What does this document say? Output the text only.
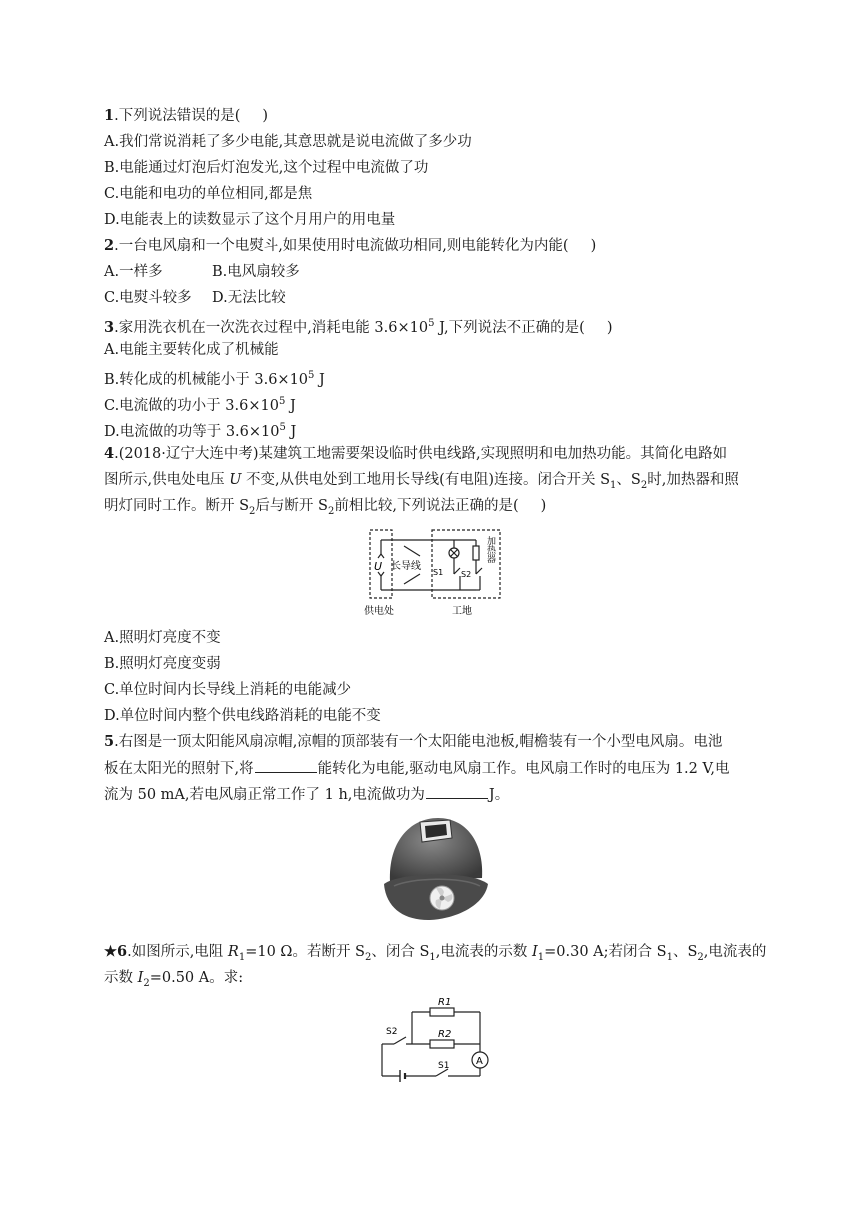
1.下列说法错误的是( )
A.我们常说消耗了多少电能,其意思就是说电流做了多少功
B.电能通过灯泡后灯泡发光,这个过程中电流做了功
C.电能和电功的单位相同,都是焦
D.电能表上的读数显示了这个月用户的用电量
2.一台电风扇和一个电熨斗,如果使用时电流做功相同,则电能转化为内能( )
A.一样多	B.电风扇较多
C.电熨斗较多 D.无法比较
3.家用洗衣机在一次洗衣过程中,消耗电能 $3.6\times 10^5$ J,下列说法不正确的是( )
A.电能主要转化成了机械能
B.转化成的机械能小于 $3.6\times 10^5$ J
C.电流做的功小于 $3.6\times 10^5$ J
D.电流做的功等于 $3.6\times 10^5$ J
4.(2018·辽宁大连中考)某建筑工地需要架设临时供电线路,实现照明和电加热功能。其简化电路如
图所示,供电处电压 U 不变,从供电处到工地用长导线(有电阻)连接。闭合开关 $S_1$、$S_2$时,加热器和照
明灯同时工作。断开 $S_2$后与断开 $S_2$前相比较,下列说法正确的是( )
U 长导线
S1 S2
加热器
供电处	工地
A.照明灯亮度不变
B.照明灯亮度变弱
C.单位时间内长导线上消耗的电能减少
D.单位时间内整个供电线路消耗的电能不变
5.右图是一顶太阳能风扇凉帽,凉帽的顶部装有一个太阳能电池板,帽檐装有一个小型电风扇。电池
板在太阳光的照射下,将	能转化为电能,驱动电风扇工作。电风扇工作时的电压为 1.2 V,电
流为 50 mA,若电风扇正常工作了 1 h,电流做功为	J。
★6.如图所示,电阻 $R_1=10$ Ω。若断开 $S_2$、闭合 $S_1$,电流表的示数 $I_1=0.30$ A;若闭合 $S_1$、$S_2$,电流表的
示数 $I_2=0.50$ A。求:
R1
R2
S2
S1	A
